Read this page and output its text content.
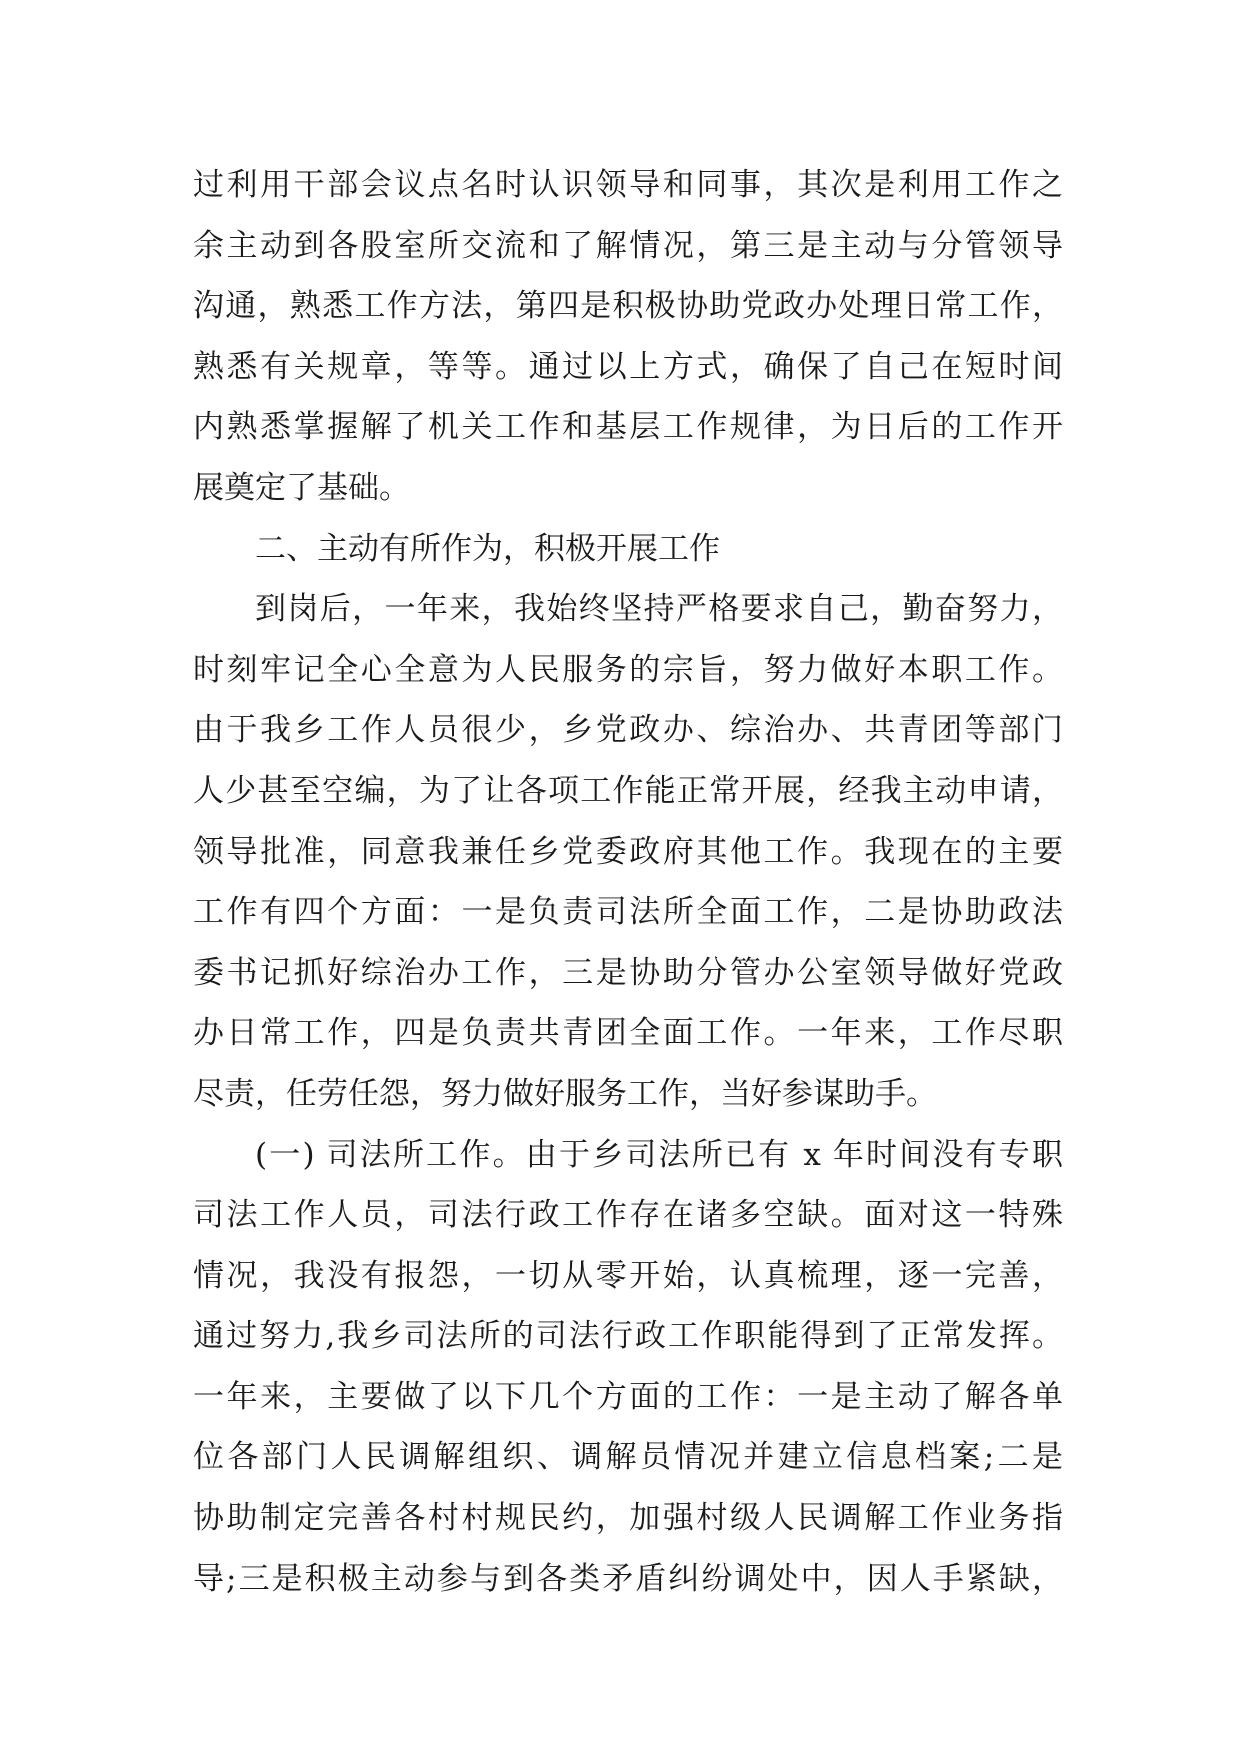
过利用干部会议点名时认识领导和同事，其次是利用工作之
余主动到各股室所交流和了解情况，第三是主动与分管领导
沟通，熟悉工作方法，第四是积极协助党政办处理日常工作，
熟悉有关规章，等等。通过以上方式，确保了自己在短时间
内熟悉掌握解了机关工作和基层工作规律，为日后的工作开
展奠定了基础。
二、主动有所作为，积极开展工作
到岗后，一年来，我始终坚持严格要求自己，勤奋努力，
时刻牢记全心全意为人民服务的宗旨，努力做好本职工作。
由于我乡工作人员很少，乡党政办、综治办、共青团等部门
人少甚至空编，为了让各项工作能正常开展，经我主动申请，
领导批准，同意我兼任乡党委政府其他工作。我现在的主要
工作有四个方面：一是负责司法所全面工作，二是协助政法
委书记抓好综治办工作，三是协助分管办公室领导做好党政
办日常工作，四是负责共青团全面工作。一年来，工作尽职
尽责，任劳任怨，努力做好服务工作，当好参谋助手。
(一) 司法所工作。由于乡司法所已有 x 年时间没有专职
司法工作人员，司法行政工作存在诸多空缺。面对这一特殊
情况，我没有报怨，一切从零开始，认真梳理，逐一完善，
通过努力,我乡司法所的司法行政工作职能得到了正常发挥。
一年来，主要做了以下几个方面的工作：一是主动了解各单
位各部门人民调解组织、调解员情况并建立信息档案;二是
协助制定完善各村村规民约，加强村级人民调解工作业务指
导;三是积极主动参与到各类矛盾纠纷调处中，因人手紧缺，
